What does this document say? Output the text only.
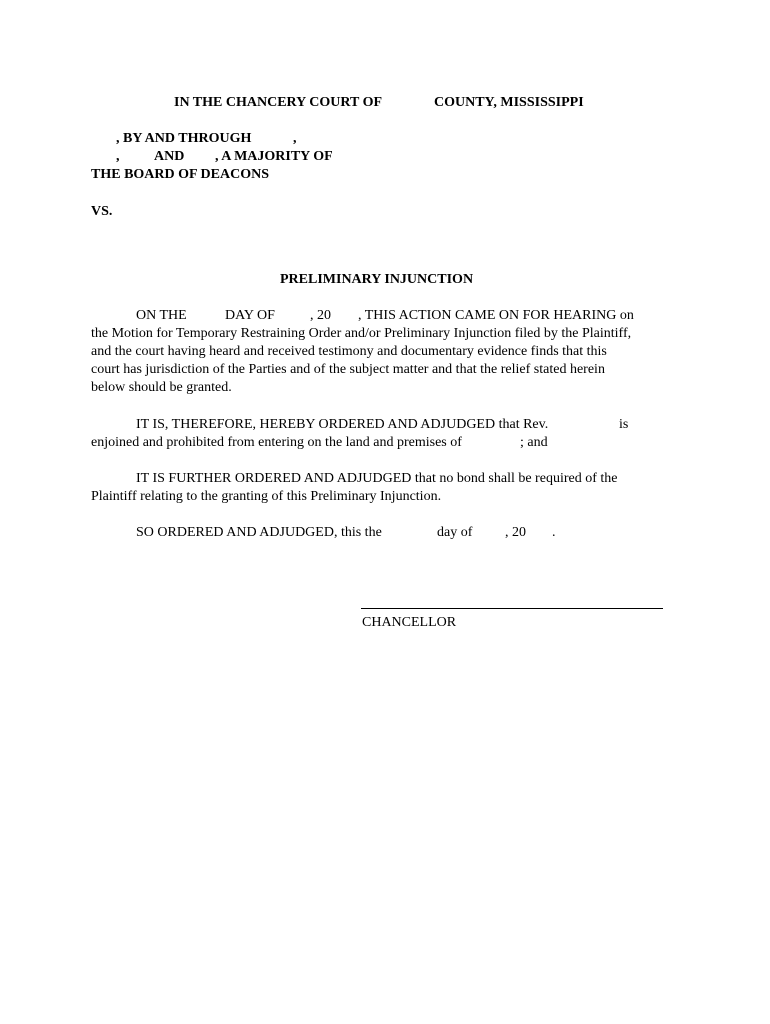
IN THE CHANCERY COURT OF	COUNTY, MISSISSIPPI
, BY AND THROUGH	,
, AND , A MAJORITY OF
THE BOARD OF DEACONS
VS.
PRELIMINARY INJUNCTION
ON THE	DAY OF	, 20 , THIS ACTION CAME ON FOR HEARING on
the Motion for Temporary Restraining Order and/or Preliminary Injunction filed by the Plaintiff,
and the court having heard and received testimony and documentary evidence finds that this
court has jurisdiction of the Parties and of the subject matter and that the relief stated herein
below should be granted.
IT IS, THEREFORE, HEREBY ORDERED AND ADJUDGED that Rev.	is
enjoined and prohibited from entering on the land and premises of	; and
IT IS FURTHER ORDERED AND ADJUDGED that no bond shall be required of the
Plaintiff relating to the granting of this Preliminary Injunction.
SO ORDERED AND ADJUDGED, this the	day of , 20 .
CHANCELLOR
